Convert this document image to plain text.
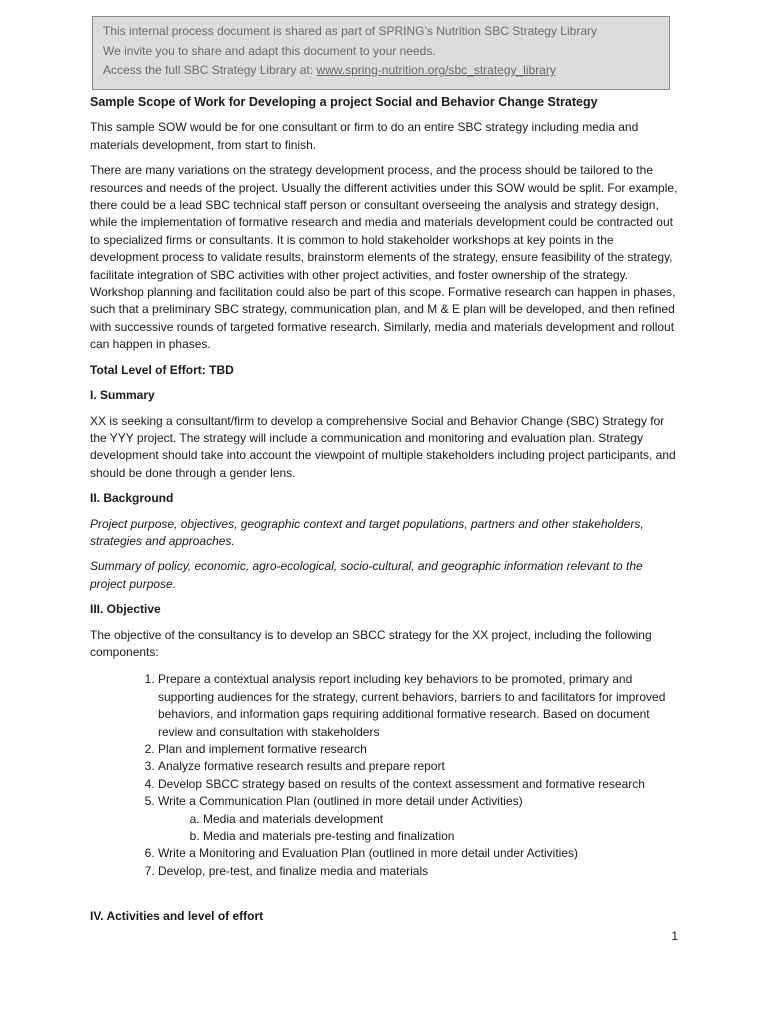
This internal process document is shared as part of SPRING’s Nutrition SBC Strategy Library
We invite you to share and adapt this document to your needs.
Access the full SBC Strategy Library at: www.spring-nutrition.org/sbc_strategy_library
Sample Scope of Work for Developing a project Social and Behavior Change Strategy

This sample SOW would be for one consultant or firm to do an entire SBC strategy including media and materials development, from start to finish.

There are many variations on the strategy development process, and the process should be tailored to the resources and needs of the project. Usually the different activities under this SOW would be split. For example, there could be a lead SBC technical staff person or consultant overseeing the analysis and strategy design, while the implementation of formative research and media and materials development could be contracted out to specialized firms or consultants. It is common to hold stakeholder workshops at key points in the development process to validate results, brainstorm elements of the strategy, ensure feasibility of the strategy, facilitate integration of SBC activities with other project activities, and foster ownership of the strategy. Workshop planning and facilitation could also be part of this scope. Formative research can happen in phases, such that a preliminary SBC strategy, communication plan, and M & E plan will be developed, and then refined with successive rounds of targeted formative research. Similarly, media and materials development and rollout can happen in phases.

Total Level of Effort: TBD

I. Summary

XX is seeking a consultant/firm to develop a comprehensive Social and Behavior Change (SBC) Strategy for the YYY project. The strategy will include a communication and monitoring and evaluation plan. Strategy development should take into account the viewpoint of multiple stakeholders including project participants, and should be done through a gender lens.

II. Background

Project purpose, objectives, geographic context and target populations, partners and other stakeholders, strategies and approaches.

Summary of policy, economic, agro-ecological, socio-cultural, and geographic information relevant to the project purpose.

III. Objective

The objective of the consultancy is to develop an SBCC strategy for the XX project, including the following components:

1. Prepare a contextual analysis report including key behaviors to be promoted, primary and supporting audiences for the strategy, current behaviors, barriers to and facilitators for improved behaviors, and information gaps requiring additional formative research. Based on document review and consultation with stakeholders
2. Plan and implement formative research
3. Analyze formative research results and prepare report
4. Develop SBCC strategy based on results of the context assessment and formative research
5. Write a Communication Plan (outlined in more detail under Activities)
a. Media and materials development
b. Media and materials pre-testing and finalization
6. Write a Monitoring and Evaluation Plan (outlined in more detail under Activities)
7. Develop, pre-test, and finalize media and materials
IV. Activities and level of effort
1
